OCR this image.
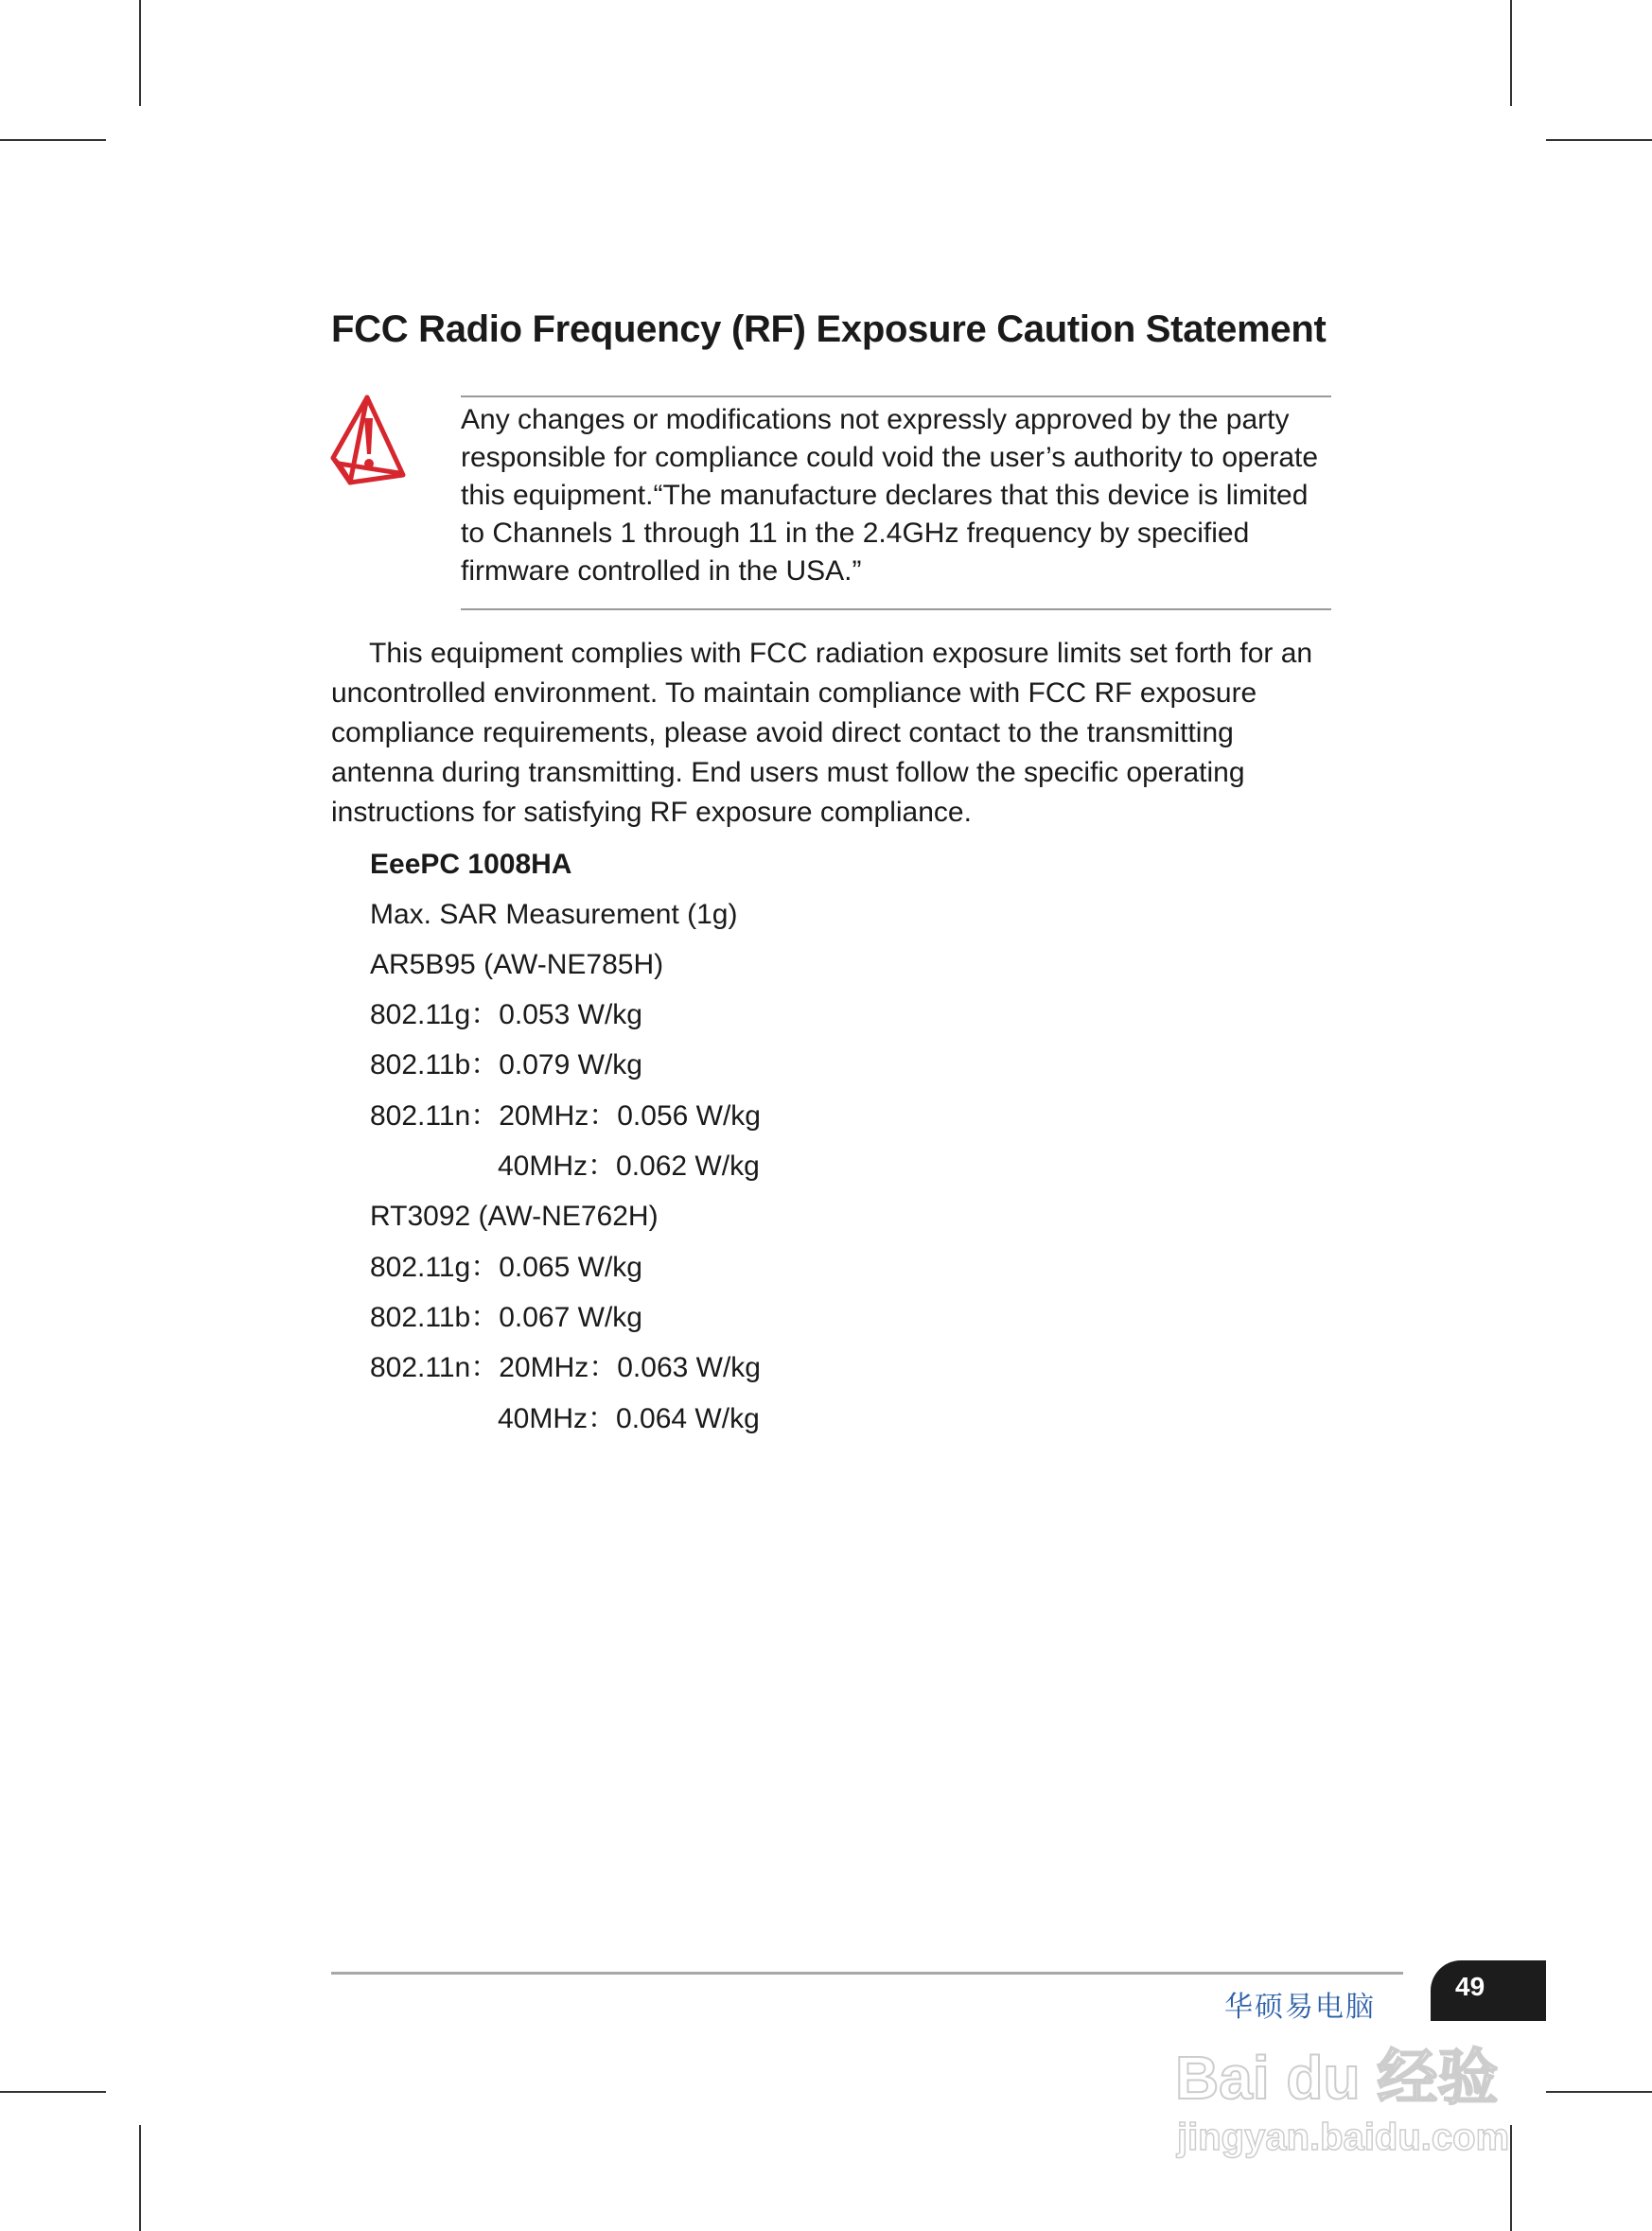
FCC Radio Frequency (RF) Exposure Caution Statement

Any changes or modifications not expressly approved by the party responsible for compliance could void the user’s authority to operate this equipment.“The manufacture declares that this device is limited to Channels 1 through 11 in the 2.4GHz frequency by specified firmware controlled in the USA.”

This equipment complies with FCC radiation exposure limits set forth for an uncontrolled environment. To maintain compliance with FCC RF exposure compliance requirements, please avoid direct contact to the transmitting antenna during transmitting. End users must follow the specific operating instructions for satisfying RF exposure compliance.

EeePC 1008HA

Max. SAR Measurement (1g)

AR5B95 (AW-NE785H)

802.11g：0.053 W/kg

802.11b：0.079 W/kg

802.11n：20MHz：0.056 W/kg

40MHz：0.062 W/kg

RT3092 (AW-NE762H)

802.11g：0.065 W/kg

802.11b：0.067 W/kg

802.11n：20MHz：0.063 W/kg

40MHz：0.064 W/kg

49

华硕易电脑

Bai du 经验
jingyan.baidu.com
